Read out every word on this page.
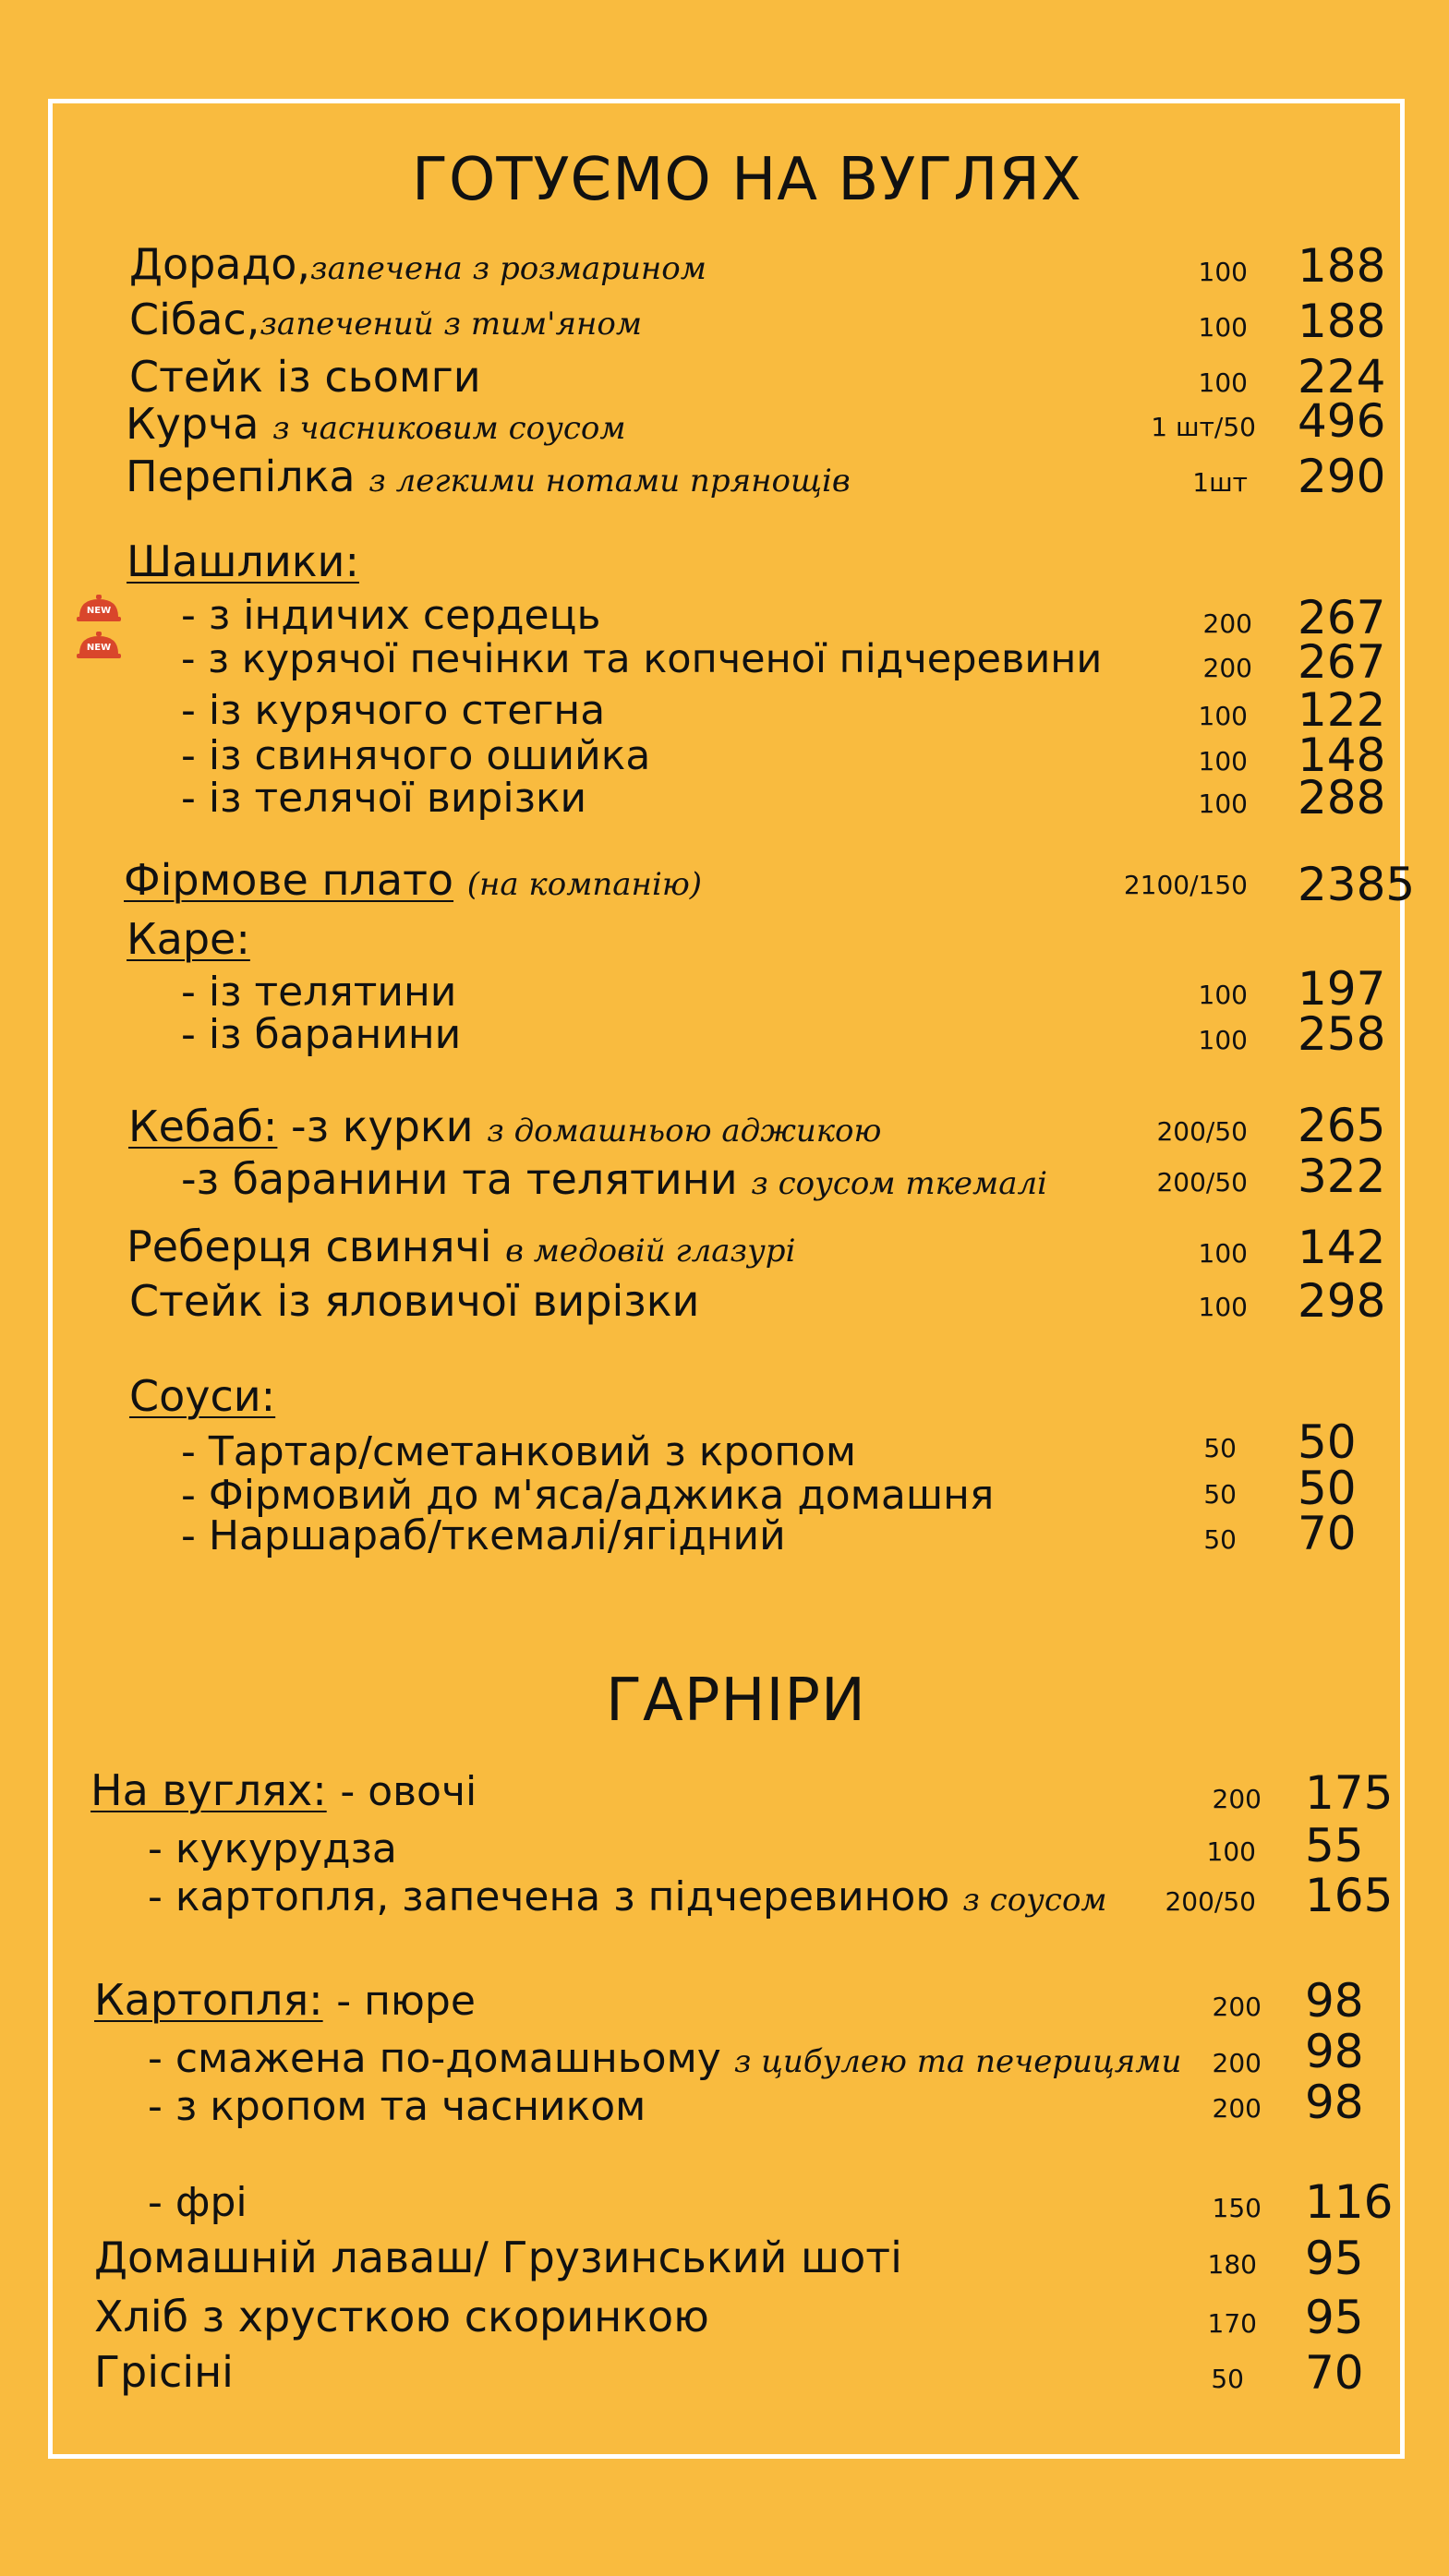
ГОТУЄМО НА ВУГЛЯХ
Дорадо,запечена з розмарином	100 188
Сібас,запечений з тим'яном	100 188
Стейк із сьомги	100 224
Курча з часниковим соусом	1 шт/50 496
Перепілка з легкими нотами прянощів	1шт 290
Шашлики:
NEW
NEW
- з індичих сердець	200 267
- з курячої печінки та копченої підчеревини	200 267
- із курячого стегна	100 122
- із свинячого ошийка	100 148
- із телячої вирізки	100 288
Фірмове плато (на компанію)	2100/150 2385
Каре:
- із телятини	100 197
- із баранини	100 258
Кебаб: -з курки з домашньою аджикою	200/50 265
-з баранини та телятини з соусом ткемалі	200/50 322
Реберця свинячі в медовій глазурі	100 142
Стейк із яловичої вирізки	100 298
Соуси:
- Тартар/сметанковий з кропом	50 50
- Фірмовий до м'яса/аджика домашня	50 50
- Наршараб/ткемалі/ягідний	50 70
ГАРНІРИ
На вуглях: - овочі	200 175
- кукурудза	100 55
- картопля, запечена з підчеревиною з соусом 200/50 165
Картопля: - пюре	200 98
- смажена по-домашньому з цибулею та печерицями 200 98
- з кропом та часником	200 98
- фрі	150 116
Домашній лаваш/ Грузинський шоті	180 95
Хліб з хрусткою скоринкою	170 95
Грісіні	50 70
